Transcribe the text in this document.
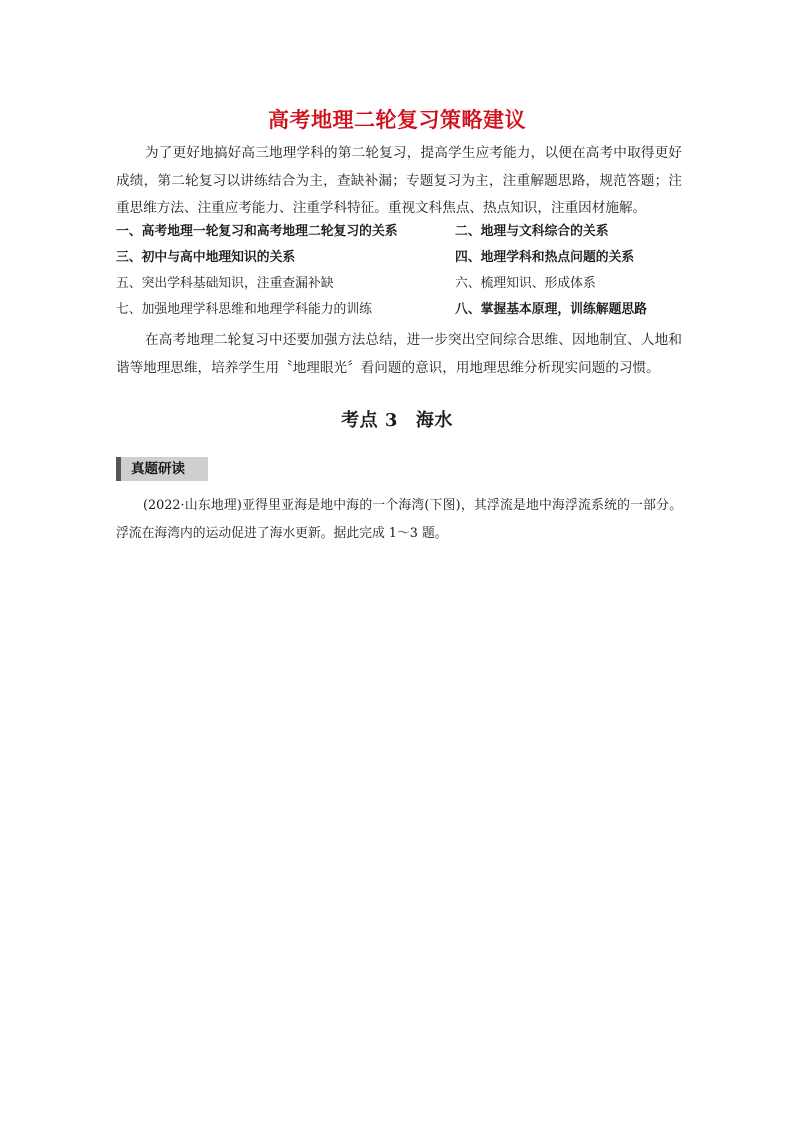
高考地理二轮复习策略建议

为了更好地搞好高三地理学科的第二轮复习，提高学生应考能力，以便在高考中取得更好成绩，第二轮复习以讲练结合为主，查缺补漏；专题复习为主，注重解题思路，规范答题；注重思维方法、注重应考能力、注重学科特征。重视文科焦点、热点知识，注重因材施解。

一、高考地理一轮复习和高考地理二轮复习的关系	二、地理与文科综合的关系
三、初中与高中地理知识的关系	四、地理学科和热点问题的关系
五、突出学科基础知识，注重查漏补缺	六、梳理知识、形成体系
七、加强地理学科思维和地理学科能力的训练	八、掌握基本原理，训练解题思路

在高考地理二轮复习中还要加强方法总结，进一步突出空间综合思维、因地制宜、人地和谐等地理思维，培养学生用〝地理眼光〞看问题的意识，用地理思维分析现实问题的习惯。

考点 3 海水
真题研读

(2022·山东地理)亚得里亚海是地中海的一个海湾(下图)，其浮流是地中海浮流系统的一部分。浮流在海湾内的运动促进了海水更新。据此完成 1～3 题。
